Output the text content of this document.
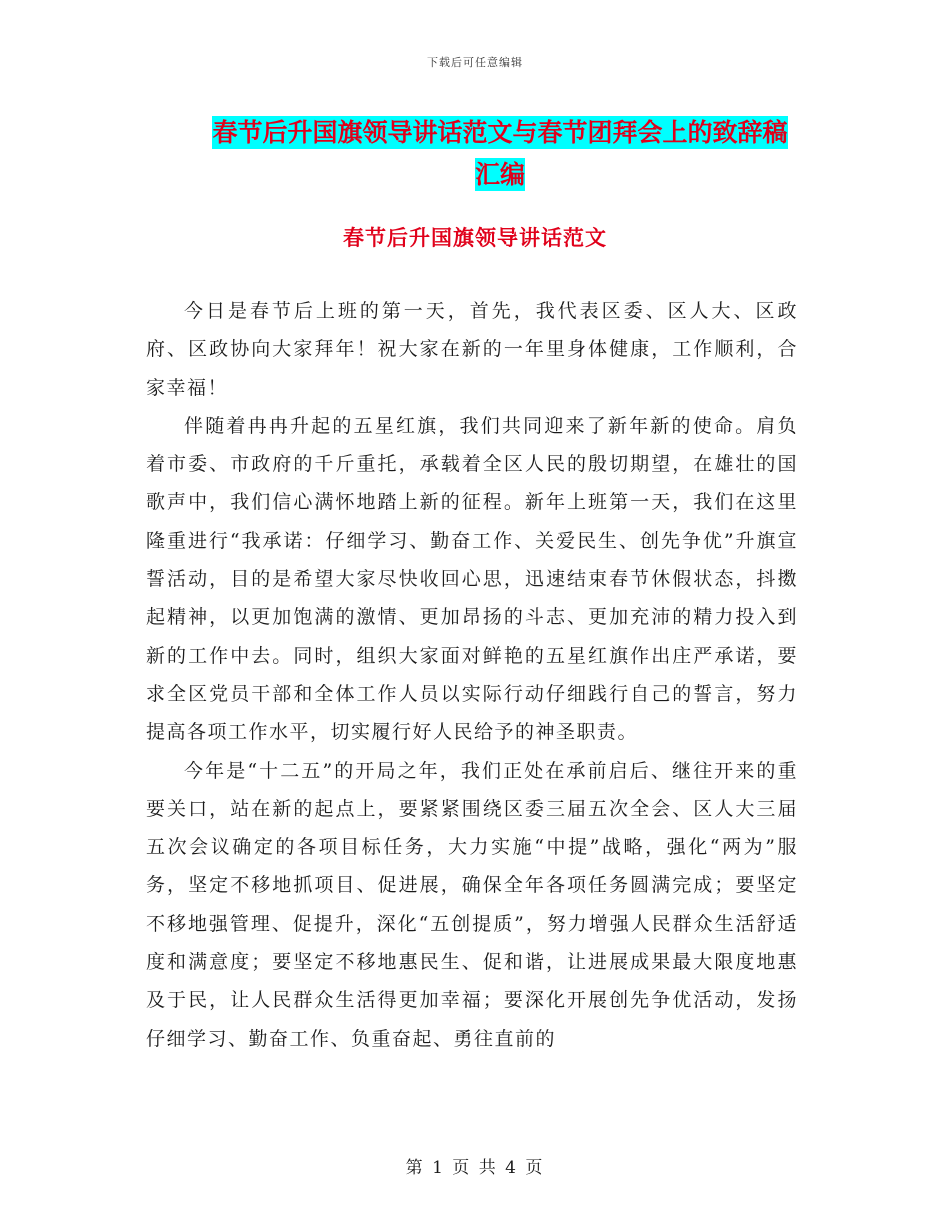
下载后可任意编辑
春节后升国旗领导讲话范文与春节团拜会上的致辞稿
汇编
春节后升国旗领导讲话范文

今日是春节后上班的第一天，首先，我代表区委、区人大、区政府、区政协向大家拜年！祝大家在新的一年里身体健康，工作顺利，合家幸福！

伴随着冉冉升起的五星红旗，我们共同迎来了新年新的使命。肩负着市委、市政府的千斤重托，承载着全区人民的殷切期望，在雄壮的国歌声中，我们信心满怀地踏上新的征程。新年上班第一天，我们在这里隆重进行“我承诺：仔细学习、勤奋工作、关爱民生、创先争优”升旗宣誓活动，目的是希望大家尽快收回心思，迅速结束春节休假状态，抖擞起精神，以更加饱满的激情、更加昂扬的斗志、更加充沛的精力投入到新的工作中去。同时，组织大家面对鲜艳的五星红旗作出庄严承诺，要求全区党员干部和全体工作人员以实际行动仔细践行自己的誓言，努力提高各项工作水平，切实履行好人民给予的神圣职责。

今年是“十二五”的开局之年，我们正处在承前启后、继往开来的重要关口，站在新的起点上，要紧紧围绕区委三届五次全会、区人大三届五次会议确定的各项目标任务，大力实施“中提”战略，强化“两为”服务，坚定不移地抓项目、促进展，确保全年各项任务圆满完成；要坚定不移地强管理、促提升，深化“五创提质”，努力增强人民群众生活舒适度和满意度；要坚定不移地惠民生、促和谐，让进展成果最大限度地惠及于民，让人民群众生活得更加幸福；要深化开展创先争优活动，发扬仔细学习、勤奋工作、负重奋起、勇往直前的

第 1 页 共 4 页
